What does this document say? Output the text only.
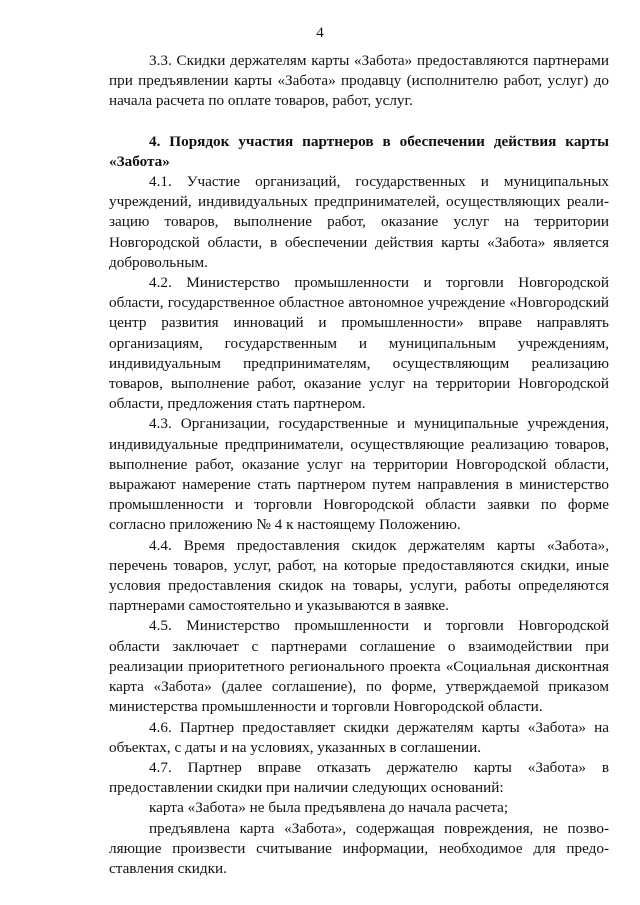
4

3.3. Скидки держателям карты «Забота» предоставляются партнерами при предъявлении карты «Забота» продавцу (исполнителю работ, услуг) до начала расчета по оплате товаров, работ, услуг.

4. Порядок участия партнеров в обеспечении действия карты «Забота»

4.1. Участие организаций, государственных и муниципальных учреждений, индивидуальных предпринимателей, осуществляющих реализацию товаров, выполнение работ, оказание услуг на территории Новгородской области, в обеспечении действия карты «Забота» является добровольным.

4.2. Министерство промышленности и торговли Новгородской области, государственное областное автономное учреждение «Новгородский центр развития инноваций и промышленности» вправе направлять организациям, государственным и муниципальным учреждениям, индивидуальным предпринимателям, осуществляющим реализацию товаров, выполнение работ, оказание услуг на территории Новгородской области, предложения стать партнером.

4.3. Организации, государственные и муниципальные учреждения, индивидуальные предприниматели, осуществляющие реализацию товаров, выполнение работ, оказание услуг на территории Новгородской области, выражают намерение стать партнером путем направления в министерство промышленности и торговли Новгородской области заявки по форме согласно приложению № 4 к настоящему Положению.

4.4. Время предоставления скидок держателям карты «Забота», перечень товаров, услуг, работ, на которые предоставляются скидки, иные условия предоставления скидок на товары, услуги, работы определяются партнерами самостоятельно и указываются в заявке.

4.5. Министерство промышленности и торговли Новгородской области заключает с партнерами соглашение о взаимодействии при реализации приоритетного регионального проекта «Социальная дисконтная карта «Забота» (далее соглашение), по форме, утверждаемой приказом министерства промышленности и торговли Новгородской области.

4.6. Партнер предоставляет скидки держателям карты «Забота» на объектах, с даты и на условиях, указанных в соглашении.

4.7. Партнер вправе отказать держателю карты «Забота» в предоставлении скидки при наличии следующих оснований:

карта «Забота» не была предъявлена до начала расчета;

предъявлена карта «Забота», содержащая повреждения, не позволяющие произвести считывание информации, необходимое для предоставления скидки.
